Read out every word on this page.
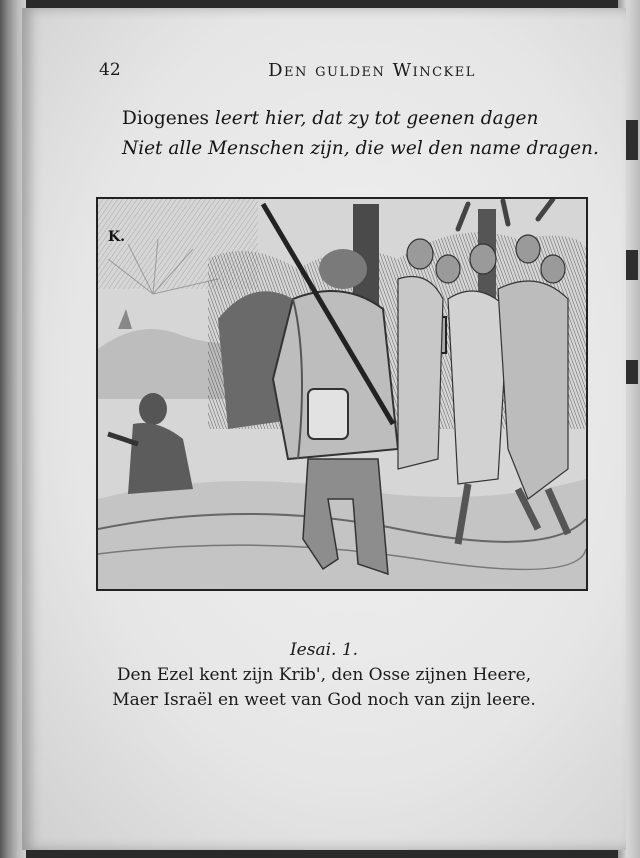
42	Den gulden Winckel
Diogenes leert hier, dat zy tot geenen dagen
Niet alle Menschen zijn, die wel den name dragen.
K.
Iesai. 1.
Den Ezel kent zijn Krib', den Osse zijnen Heere,
Maer Israël en weet van God noch van zijn leere.
